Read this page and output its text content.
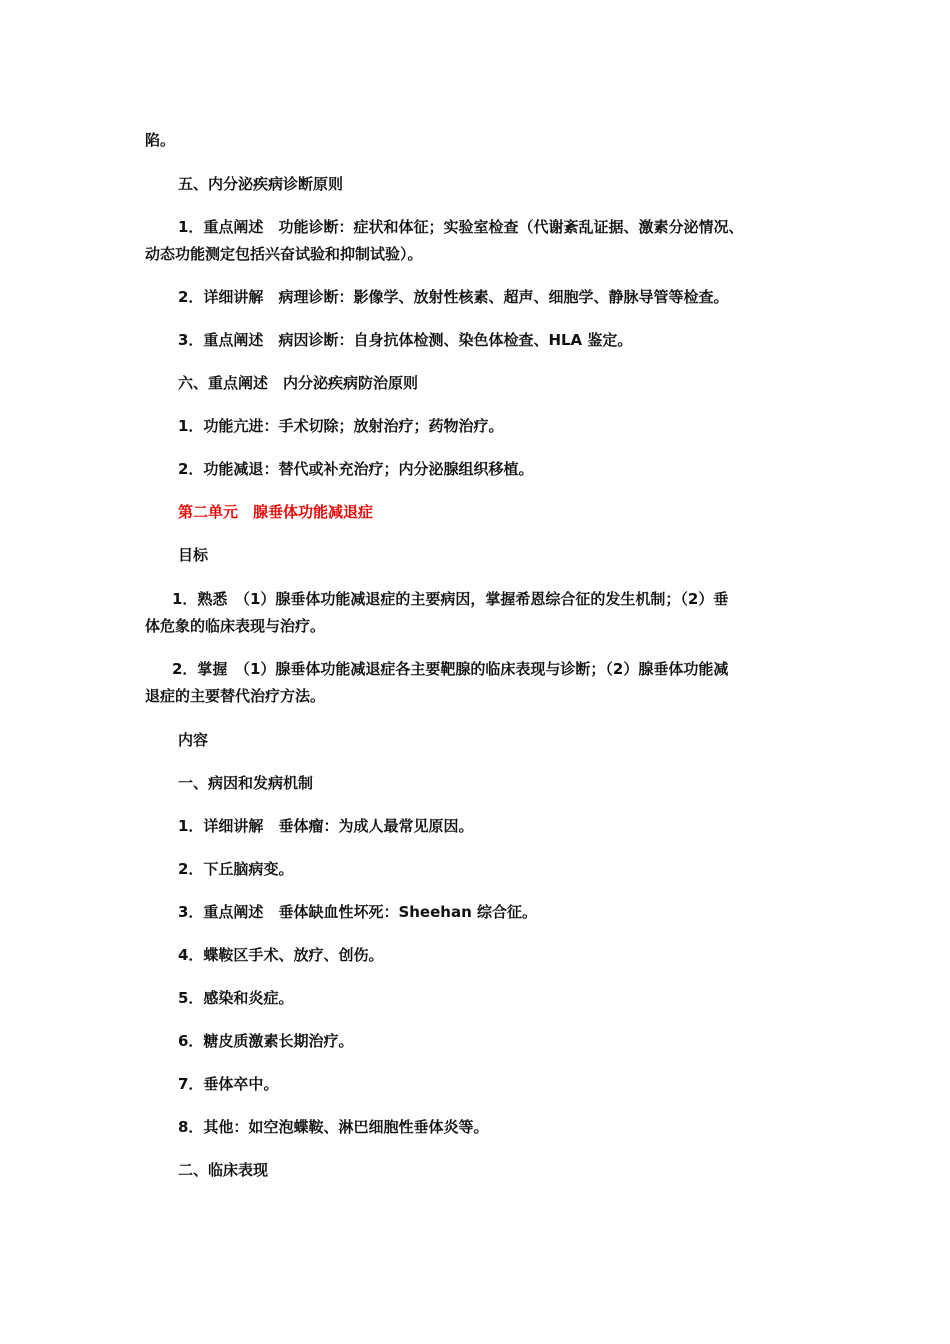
陷。
五、内分泌疾病诊断原则
1．重点阐述　功能诊断：症状和体征；实验室检查（代谢紊乱证据、激素分泌情况、
动态功能测定包括兴奋试验和抑制试验）。
2．详细讲解　病理诊断：影像学、放射性核素、超声、细胞学、静脉导管等检查。
3．重点阐述　病因诊断：自身抗体检测、染色体检查、HLA 鉴定。
六、重点阐述　内分泌疾病防治原则
1．功能亢进：手术切除；放射治疗；药物治疗。
2．功能减退：替代或补充治疗；内分泌腺组织移植。
第二单元　腺垂体功能减退症
目标
1．熟悉　（1）腺垂体功能减退症的主要病因，掌握希恩综合征的发生机制；（2）垂
体危象的临床表现与治疗。
2．掌握　（1）腺垂体功能减退症各主要靶腺的临床表现与诊断；（2）腺垂体功能减
退症的主要替代治疗方法。
内容
一、病因和发病机制
1．详细讲解　垂体瘤：为成人最常见原因。
2．下丘脑病变。
3．重点阐述　垂体缺血性坏死：Sheehan 综合征。
4．蝶鞍区手术、放疗、创伤。
5．感染和炎症。
6．糖皮质激素长期治疗。
7．垂体卒中。
8．其他：如空泡蝶鞍、淋巴细胞性垂体炎等。
二、临床表现
